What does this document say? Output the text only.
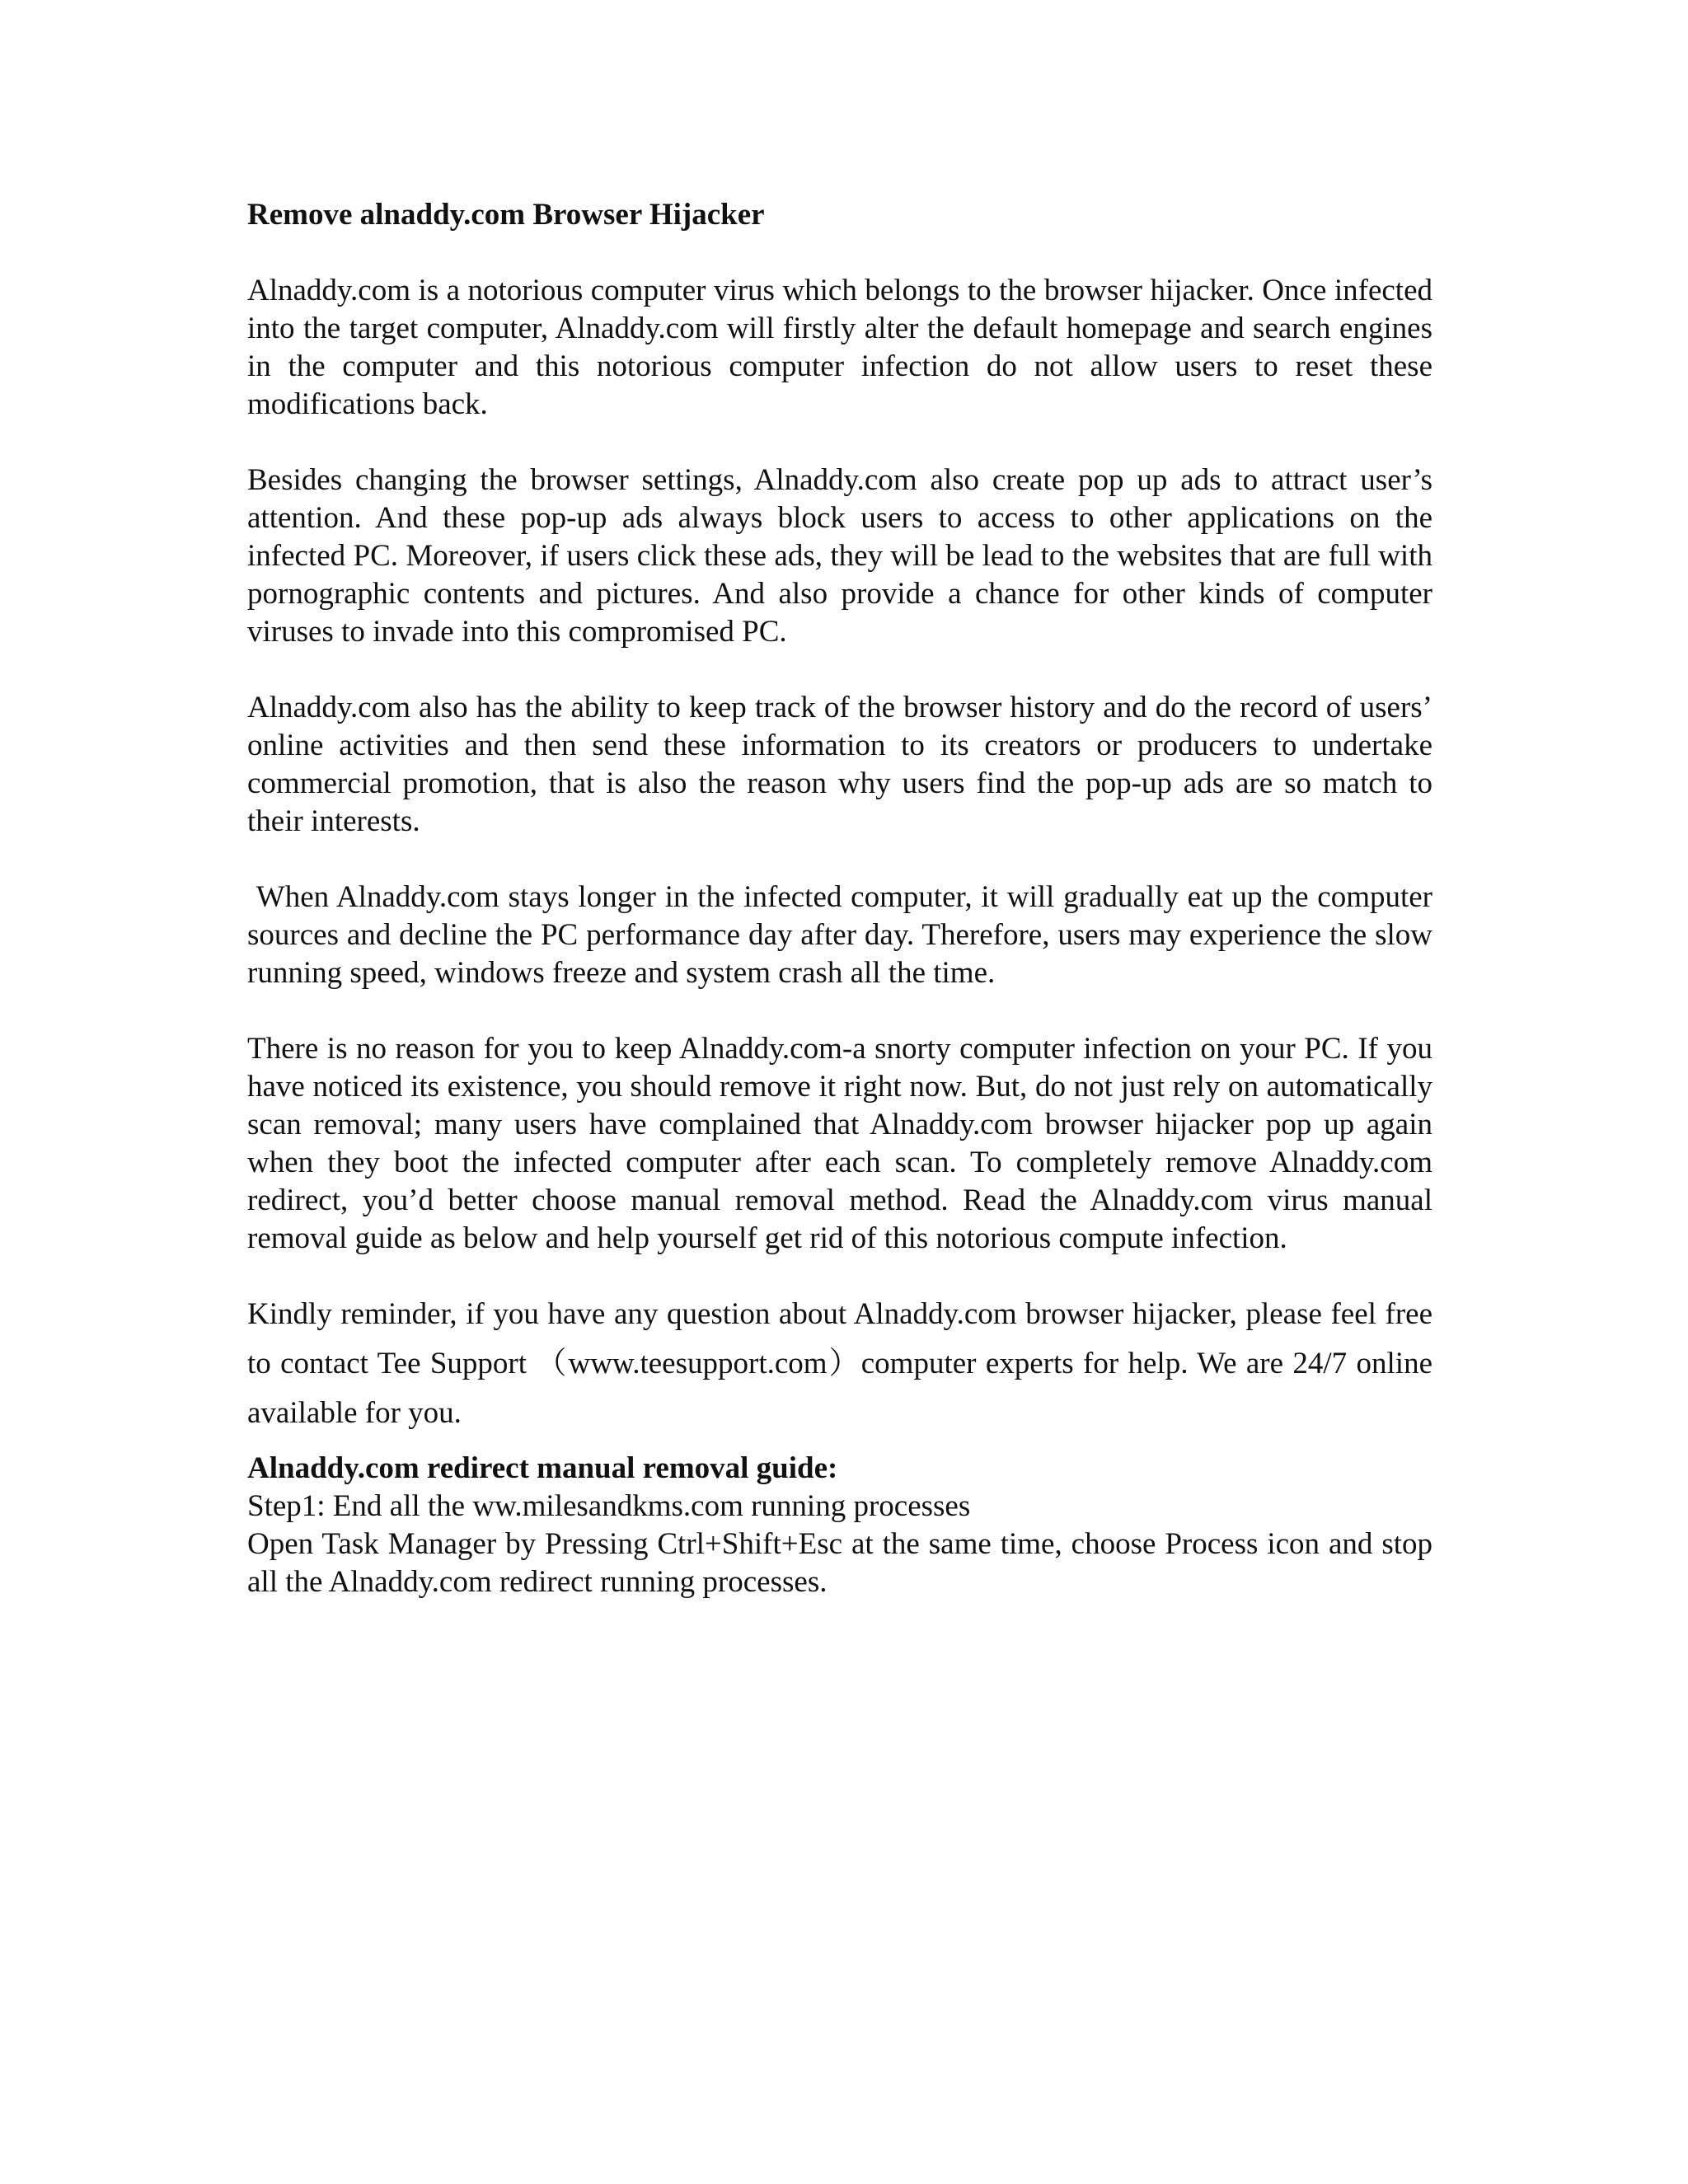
Remove alnaddy.com Browser Hijacker

Alnaddy.com is a notorious computer virus which belongs to the browser hijacker. Once infected into the target computer, Alnaddy.com will firstly alter the default homepage and search engines in the computer and this notorious computer infection do not allow users to reset these modifications back.

Besides changing the browser settings, Alnaddy.com also create pop up ads to attract user’s attention. And these pop-up ads always block users to access to other applications on the infected PC. Moreover, if users click these ads, they will be lead to the websites that are full with pornographic contents and pictures. And also provide a chance for other kinds of computer viruses to invade into this compromised PC.

Alnaddy.com also has the ability to keep track of the browser history and do the record of users’ online activities and then send these information to its creators or producers to undertake commercial promotion, that is also the reason why users find the pop-up ads are so match to their interests.

When Alnaddy.com stays longer in the infected computer, it will gradually eat up the computer sources and decline the PC performance day after day. Therefore, users may experience the slow running speed, windows freeze and system crash all the time.

There is no reason for you to keep Alnaddy.com-a snorty computer infection on your PC. If you have noticed its existence, you should remove it right now. But, do not just rely on automatically scan removal; many users have complained that Alnaddy.com browser hijacker pop up again when they boot the infected computer after each scan. To completely remove Alnaddy.com redirect, you’d better choose manual removal method. Read the Alnaddy.com virus manual removal guide as below and help yourself get rid of this notorious compute infection.

Kindly reminder, if you have any question about Alnaddy.com browser hijacker, please feel free to contact Tee Support （www.teesupport.com）computer experts for help. We are 24/7 online available for you.

Alnaddy.com redirect manual removal guide:

Step1: End all the ww.milesandkms.com running processes

Open Task Manager by Pressing Ctrl+Shift+Esc at the same time, choose Process icon and stop all the Alnaddy.com redirect running processes.
